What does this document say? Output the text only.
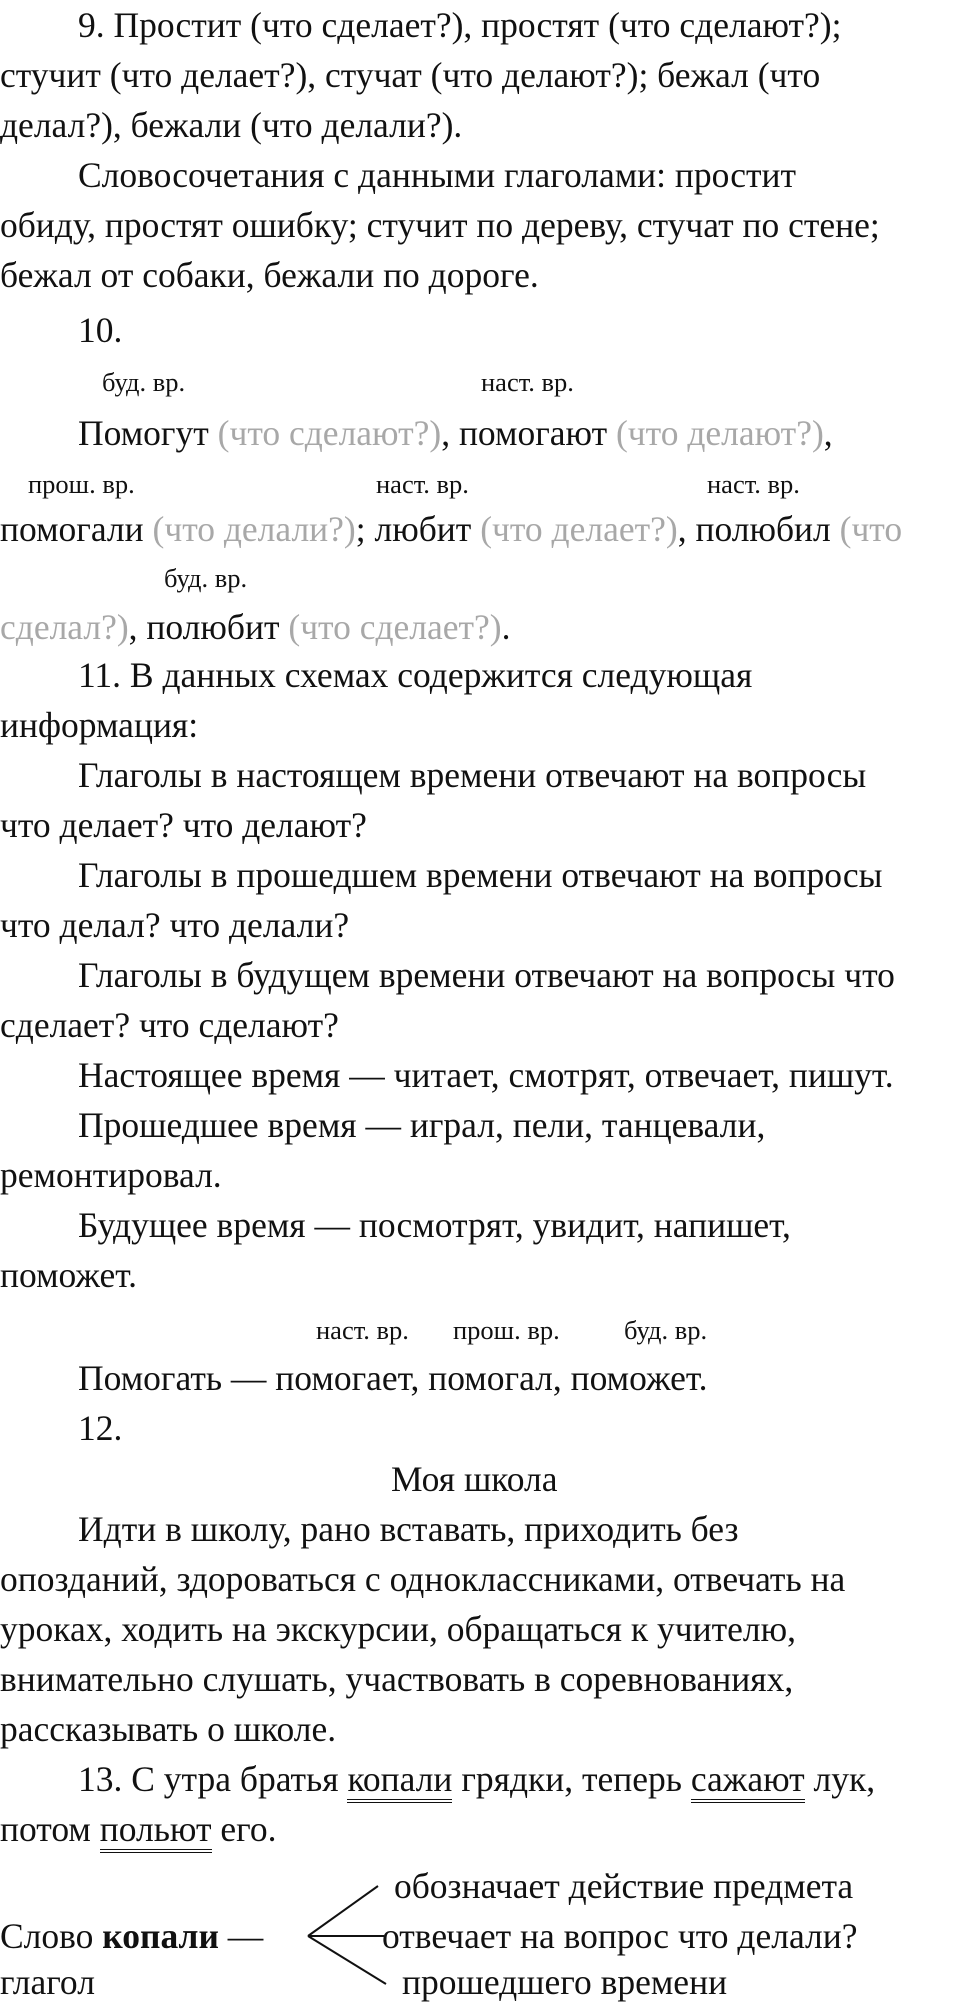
9. Простит (что сделает?), простят (что сделают?);
стучит (что делает?), стучат (что делают?); бежал (что
делал?), бежали (что делали?).
Словосочетания с данными глаголами: простит
обиду, простят ошибку; стучит по дереву, стучат по стене;
бежал от собаки, бежали по дороге.
10.
буд. вр.	наст. вр.
Помогут (что сделают?), помогают (что делают?),
прош. вр.	наст. вр.	наст. вр.
помогали (что делали?); любит (что делает?), полюбил (что
буд. вр.
сделал?), полюбит (что сделает?).
11. В данных схемах содержится следующая
информация:
Глаголы в настоящем времени отвечают на вопросы
что делает? что делают?
Глаголы в прошедшем времени отвечают на вопросы
что делал? что делали?
Глаголы в будущем времени отвечают на вопросы что
сделает? что сделают?
Настоящее время — читает, смотрят, отвечает, пишут.
Прошедшее время — играл, пели, танцевали,
ремонтировал.
Будущее время — посмотрят, увидит, напишет,
поможет.
наст. вр. прош. вр. буд. вр.
Помогать — помогает, помогал, поможет.
12.
Моя школа
Идти в школу, рано вставать, приходить без
опозданий, здороваться с одноклассниками, отвечать на
уроках, ходить на экскурсии, обращаться к учителю,
внимательно слушать, участвовать в соревнованиях,
рассказывать о школе.
13. С утра братья копали грядки, теперь сажают лук,
потом польют его.
обозначает действие предмета
Слово копали —	отвечает на вопрос что делали?
глагол	прошедшего времени
